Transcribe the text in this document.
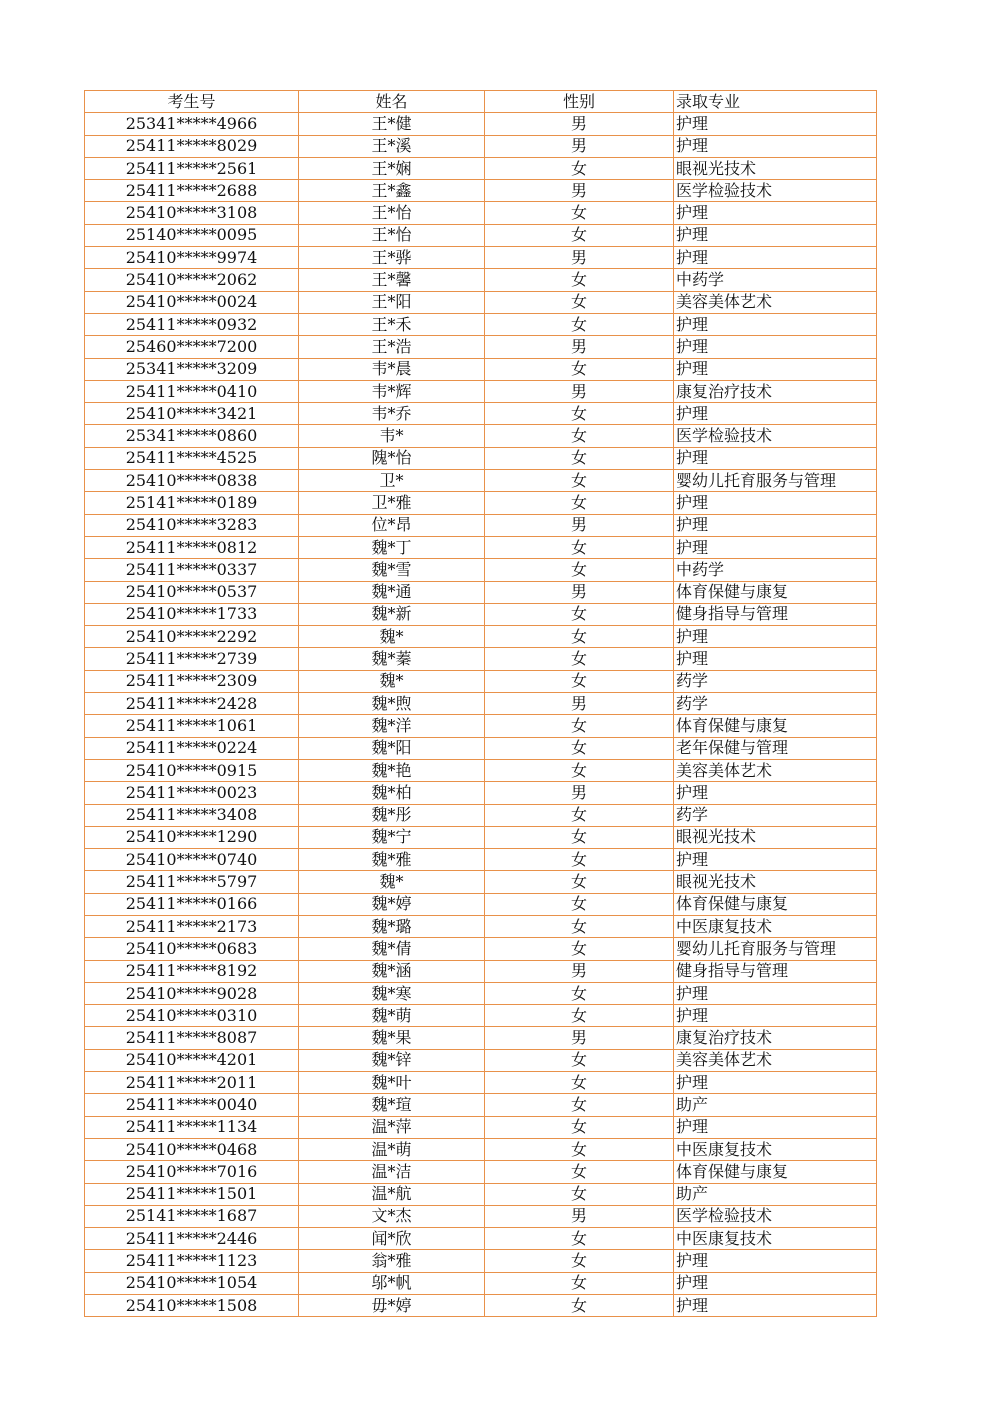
考生号	姓名	性别	录取专业
25341*****4966	王*健	男	护理
25411*****8029	王*溪	男	护理
25411*****2561	王*娴	女	眼视光技术
25411*****2688	王*鑫	男	医学检验技术
25410*****3108	王*怡	女	护理
25140*****0095	王*怡	女	护理
25410*****9974	王*骅	男	护理
25410*****2062	王*馨	女	中药学
25410*****0024	王*阳	女	美容美体艺术
25411*****0932	王*禾	女	护理
25460*****7200	王*浩	男	护理
25341*****3209	韦*晨	女	护理
25411*****0410	韦*辉	男	康复治疗技术
25410*****3421	韦*乔	女	护理
25341*****0860	韦*	女	医学检验技术
25411*****4525	隗*怡	女	护理
25410*****0838	卫*	女	婴幼儿托育服务与管理
25141*****0189	卫*雅	女	护理
25410*****3283	位*昂	男	护理
25411*****0812	魏*丁	女	护理
25411*****0337	魏*雪	女	中药学
25410*****0537	魏*通	男	体育保健与康复
25410*****1733	魏*新	女	健身指导与管理
25410*****2292	魏*	女	护理
25411*****2739	魏*蓁	女	护理
25411*****2309	魏*	女	药学
25411*****2428	魏*煦	男	药学
25411*****1061	魏*洋	女	体育保健与康复
25411*****0224	魏*阳	女	老年保健与管理
25410*****0915	魏*艳	女	美容美体艺术
25411*****0023	魏*柏	男	护理
25411*****3408	魏*彤	女	药学
25410*****1290	魏*宁	女	眼视光技术
25410*****0740	魏*雅	女	护理
25411*****5797	魏*	女	眼视光技术
25411*****0166	魏*婷	女	体育保健与康复
25411*****2173	魏*璐	女	中医康复技术
25410*****0683	魏*倩	女	婴幼儿托育服务与管理
25411*****8192	魏*涵	男	健身指导与管理
25410*****9028	魏*寒	女	护理
25410*****0310	魏*萌	女	护理
25411*****8087	魏*果	男	康复治疗技术
25410*****4201	魏*锌	女	美容美体艺术
25411*****2011	魏*叶	女	护理
25411*****0040	魏*瑄	女	助产
25411*****1134	温*萍	女	护理
25410*****0468	温*萌	女	中医康复技术
25410*****7016	温*洁	女	体育保健与康复
25411*****1501	温*航	女	助产
25141*****1687	文*杰	男	医学检验技术
25411*****2446	闻*欣	女	中医康复技术
25411*****1123	翁*雅	女	护理
25410*****1054	邬*帆	女	护理
25410*****1508	毋*婷	女	护理
